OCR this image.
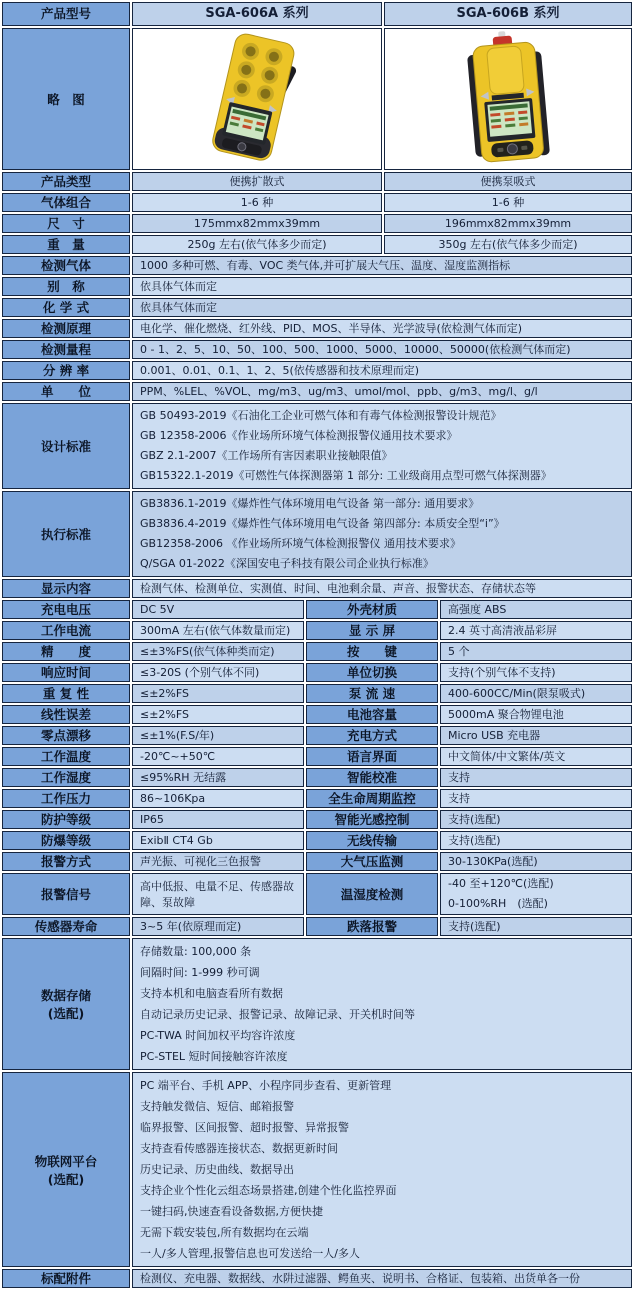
产品型号	SGA-606A 系列		SGA-606B 系列	
略　图	

产品类型	便携扩散式		便携泵吸式	
气体组合	1-6 种		1-6 种	
尺　寸	175mmx82mmx39mm		196mmx82mmx39mm	
重　量	250g 左右(依气体多少而定)		350g 左右(依气体多少而定)	
检测气体	1000 多种可燃、有毒、VOC 类气体,并可扩展大气压、温度、湿度监测指标			
别　称	依具体气体而定			
化 学 式	依具体气体而定			
检测原理	电化学、催化燃烧、红外线、PID、MOS、半导体、光学波导(依检测气体而定)			
检测量程	0 - 1、2、5、10、50、100、500、1000、5000、10000、50000(依检测气体而定)			
分 辨 率	0.001、0.01、0.1、1、2、5(依传感器和技术原理而定)			
单　　位	PPM、%LEL、%VOL、mg/m3、ug/m3、umol/mol、ppb、g/m3、mg/l、g/l			
设计标准	GB 50493-2019《石油化工企业可燃气体和有毒气体检测报警设计规范》
GB 12358-2006《作业场所环境气体检测报警仪通用技术要求》
GBZ 2.1-2007《工作场所有害因素职业接触限值》
GB15322.1-2019《可燃性气体探测器第 1 部分: 工业级商用点型可燃气体探测器》			

执行标准	GB3836.1-2019《爆炸性气体环境用电气设备 第一部分: 通用要求》
GB3836.4-2019《爆炸性气体环境用电气设备 第四部分: 本质安全型“i”》
GB12358-2006 《作业场所环境气体检测报警仪 通用技术要求》
Q/SGA 01-2022《深国安电子科技有限公司企业执行标准》			

显示内容	检测气体、检测单位、实测值、时间、电池剩余量、声音、报警状态、存储状态等			
充电电压	DC 5V	外壳材质		高强度 ABS
工作电流	300mA 左右(依气体数量而定)	显 示 屏		2.4 英寸高清液晶彩屏
精　　度	≤±3%FS(依气体种类而定)	按　　键		5 个
响应时间	≤3-20S (个别气体不同)	单位切换		支持(个别气体不支持)
重 复 性	≤±2%FS	泵 流 速		400-600CC/Min(限泵吸式)
线性误差	≤±2%FS	电池容量		5000mA 聚合物锂电池
零点漂移	≤±1%(F.S/年)	充电方式		Micro USB 充电器
工作温度	-20℃~+50℃	语言界面		中文简体/中文繁体/英文
工作湿度	≤95%RH 无结露	智能校准		支持
工作压力	86~106Kpa	全生命周期监控		支持
防护等级	IP65	智能光感控制		支持(选配)
防爆等级	ExibⅡ CT4 Gb	无线传输		支持(选配)
报警方式	声光振、可视化三色报警	大气压监测		30-130KPa(选配)
报警信号	高中低报、电量不足、传感器故障、泵故障	温湿度检测		-40 至+120℃(选配)
0-100%RH　(选配)

传感器寿命	3~5 年(依原理而定)	跌落报警		支持(选配)

数据存储
(选配)

存储数量: 100,000 条
间隔时间: 1-999 秒可调
支持本机和电脑查看所有数据
自动记录历史记录、报警记录、故障记录、开关机时间等
PC-TWA 时间加权平均容许浓度
PC-STEL 短时间接触容许浓度

物联网平台
(选配)

PC 端平台、手机 APP、小程序同步查看、更新管理
支持触发微信、短信、邮箱报警
临界报警、区间报警、超时报警、异常报警
支持查看传感器连接状态、数据更新时间
历史记录、历史曲线、数据导出
支持企业个性化云组态场景搭建,创建个性化监控界面
一键扫码,快速查看设备数据,方便快捷
无需下载安装包,所有数据均在云端
一人/多人管理,报警信息也可发送给一人/多人

标配附件	检测仪、充电器、数据线、水阱过滤器、鳄鱼夹、说明书、合格证、包装箱、出货单各一份			
